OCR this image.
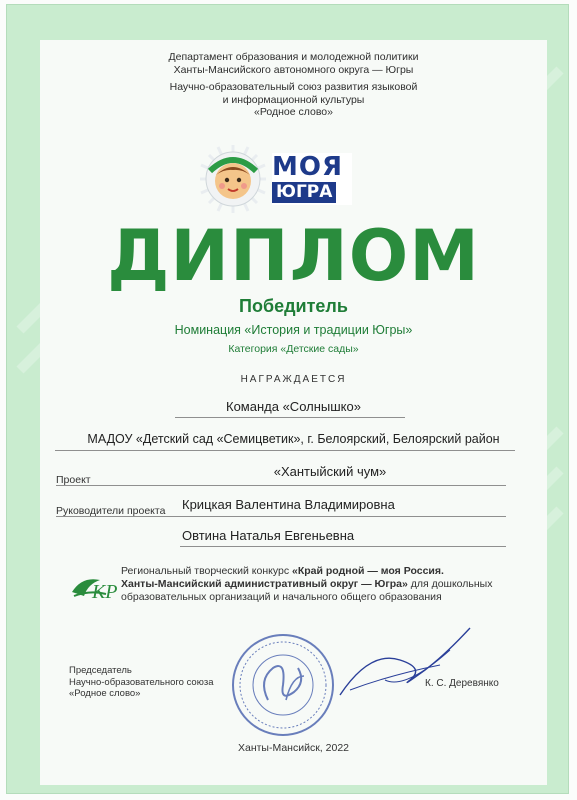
Департамент образования и молодежной политики
Ханты-Мансийского автономного округа — Югры
Научно-образовательный союз развития языковой
и информационной культуры
«Родное слово»
МОЯ
ЮГРА
ДИПЛОМ
Победитель
Номинация «История и традиции Югры»
Категория «Детские сады»
НАГРАЖДАЕТСЯ
Команда «Солнышко»
МАДОУ «Детский сад «Семицветик», г. Белоярский, Белоярский район
Проект
«Хантыйский чум»
Руководители проекта Крицкая Валентина Владимировна
Овтина Наталья Евгеньевна
КР
Региональный творческий конкурс «Край родной — моя Россия.
Ханты-Мансийский административный округ — Югра» для дошкольных
образовательных организаций и начального общего образования
Председатель
Научно-образовательного союза
«Родное слово»
К. С. Деревянко
Ханты-Мансийск, 2022
